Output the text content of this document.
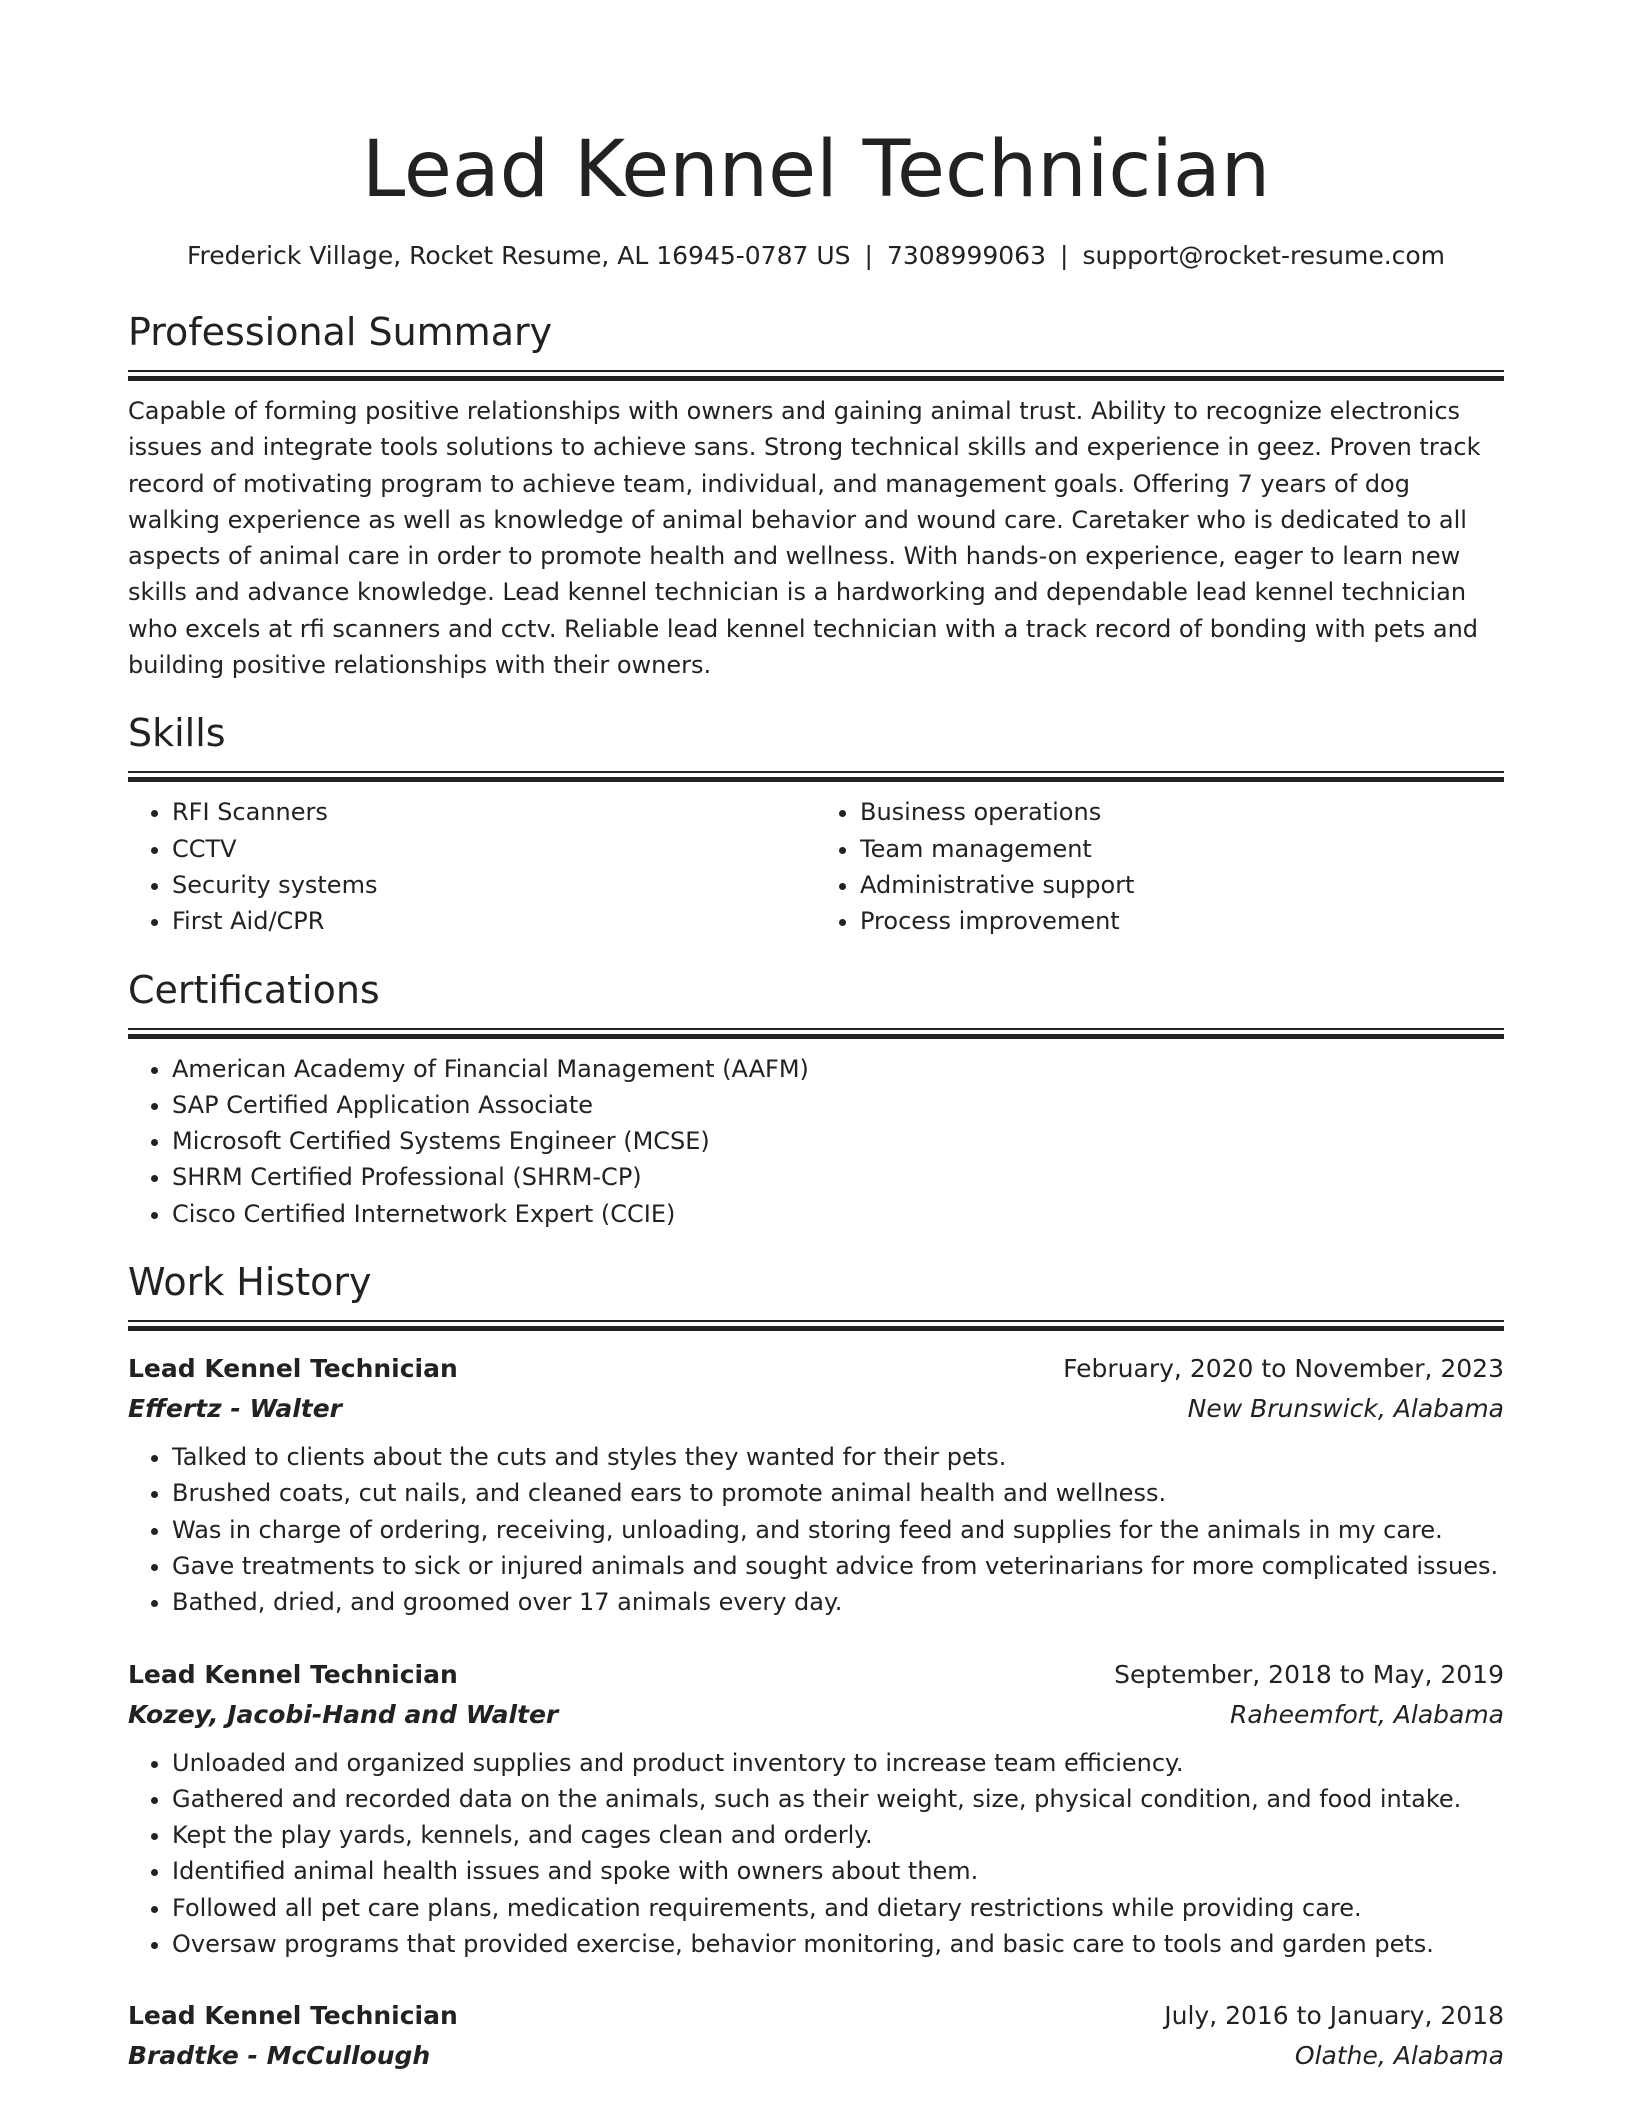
Lead Kennel Technician
Frederick Village, Rocket Resume, AL 16945-0787 US | 7308999063 | support@rocket-resume.com
Professional Summary
Capable of forming positive relationships with owners and gaining animal trust. Ability to recognize electronics issues and integrate tools solutions to achieve sans. Strong technical skills and experience in geez. Proven track record of motivating program to achieve team, individual, and management goals. Offering 7 years of dog walking experience as well as knowledge of animal behavior and wound care. Caretaker who is dedicated to all aspects of animal care in order to promote health and wellness. With hands-on experience, eager to learn new skills and advance knowledge. Lead kennel technician is a hardworking and dependable lead kennel technician who excels at rfi scanners and cctv. Reliable lead kennel technician with a track record of bonding with pets and building positive relationships with their owners.
Skills
• RFI Scanners
• CCTV
• Security systems
• First Aid/CPR
• Business operations
• Team management
• Administrative support
• Process improvement
Certifications
• American Academy of Financial Management (AAFM)
• SAP Certified Application Associate
• Microsoft Certified Systems Engineer (MCSE)
• SHRM Certified Professional (SHRM-CP)
• Cisco Certified Internetwork Expert (CCIE)
Work History
Lead Kennel Technician	February, 2020 to November, 2023
Effertz - Walter	New Brunswick, Alabama
• Talked to clients about the cuts and styles they wanted for their pets.
• Brushed coats, cut nails, and cleaned ears to promote animal health and wellness.
• Was in charge of ordering, receiving, unloading, and storing feed and supplies for the animals in my care.
• Gave treatments to sick or injured animals and sought advice from veterinarians for more complicated issues.
• Bathed, dried, and groomed over 17 animals every day.
Lead Kennel Technician	September, 2018 to May, 2019
Kozey, Jacobi-Hand and Walter	Raheemfort, Alabama
• Unloaded and organized supplies and product inventory to increase team efficiency.
• Gathered and recorded data on the animals, such as their weight, size, physical condition, and food intake.
• Kept the play yards, kennels, and cages clean and orderly.
• Identified animal health issues and spoke with owners about them.
• Followed all pet care plans, medication requirements, and dietary restrictions while providing care.
• Oversaw programs that provided exercise, behavior monitoring, and basic care to tools and garden pets.
Lead Kennel Technician	July, 2016 to January, 2018
Bradtke - McCullough	Olathe, Alabama
